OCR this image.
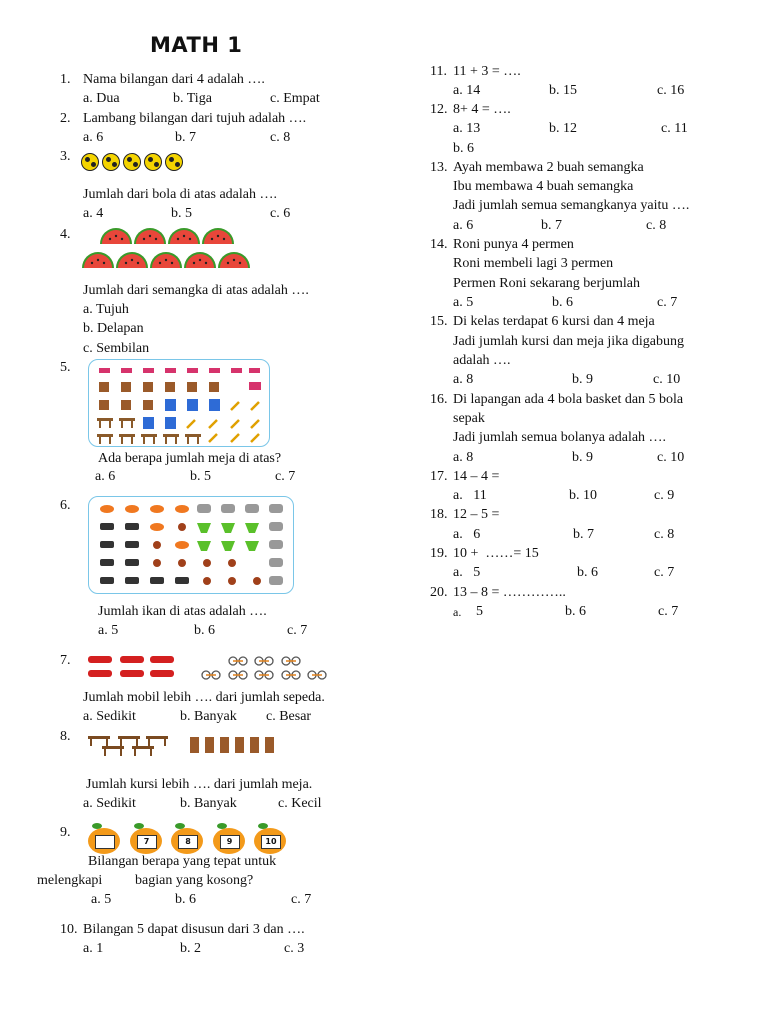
MATH 1
1. Nama bilangan dari 4 adalah ….
a. Dua	b. Tiga	c. Empat
2. Lambang bilangan dari tujuh adalah ….
a. 6	b. 7	c. 8
3.
Jumlah dari bola di atas adalah ….
a. 4	b. 5	c. 6
4.
Jumlah dari semangka di atas adalah ….
a. Tujuh
b. Delapan
c. Sembilan
5.
Ada berapa jumlah meja di atas?
a. 6	b. 5	c. 7
6.
Jumlah ikan di atas adalah ….
a. 5	b. 6	c. 7
7.
Jumlah mobil lebih …. dari jumlah sepeda.
a. Sedikit	b. Banyak c. Besar
8.
Jumlah kursi lebih …. dari jumlah meja.
a. Sedikit	b. Banyak	c. Kecil
9.

7
	8
	9
	10
Bilangan berapa yang tepat untuk
melengkapi bagian yang kosong?
a. 5	b. 6	c. 7
10. Bilangan 5 dapat disusun dari 3 dan ….
a. 1	b. 2	c. 3
11. 11 + 3 = ….
a. 14	b. 15	c. 16
12. 8+ 4 = ….
a. 13	b. 12	c. 11
b. 6
13. Ayah membawa 2 buah semangka
Ibu membawa 4 buah semangka
Jadi jumlah semua semangkanya yaitu ….
a. 6	b. 7	c. 8
14. Roni punya 4 permen
Roni membeli lagi 3 permen
Permen Roni sekarang berjumlah
a. 5	b. 6	c. 7
15. Di kelas terdapat 6 kursi dan 4 meja
Jadi jumlah kursi dan meja jika digabung
adalah ….
a. 8	b. 9	c. 10
16. Di lapangan ada 4 bola basket dan 5 bola
sepak
Jadi jumlah semua bolanya adalah ….
a. 8	b. 9	c. 10
17. 14 – 4 =
a.   11	b. 10	c. 9
18. 12 – 5 =
a.   6	b. 7	c. 8
19. 10 +  ……= 15
a.   5	b. 6	c. 7
20. 13 – 8 = …………..
a. 5	b. 6	c. 7
